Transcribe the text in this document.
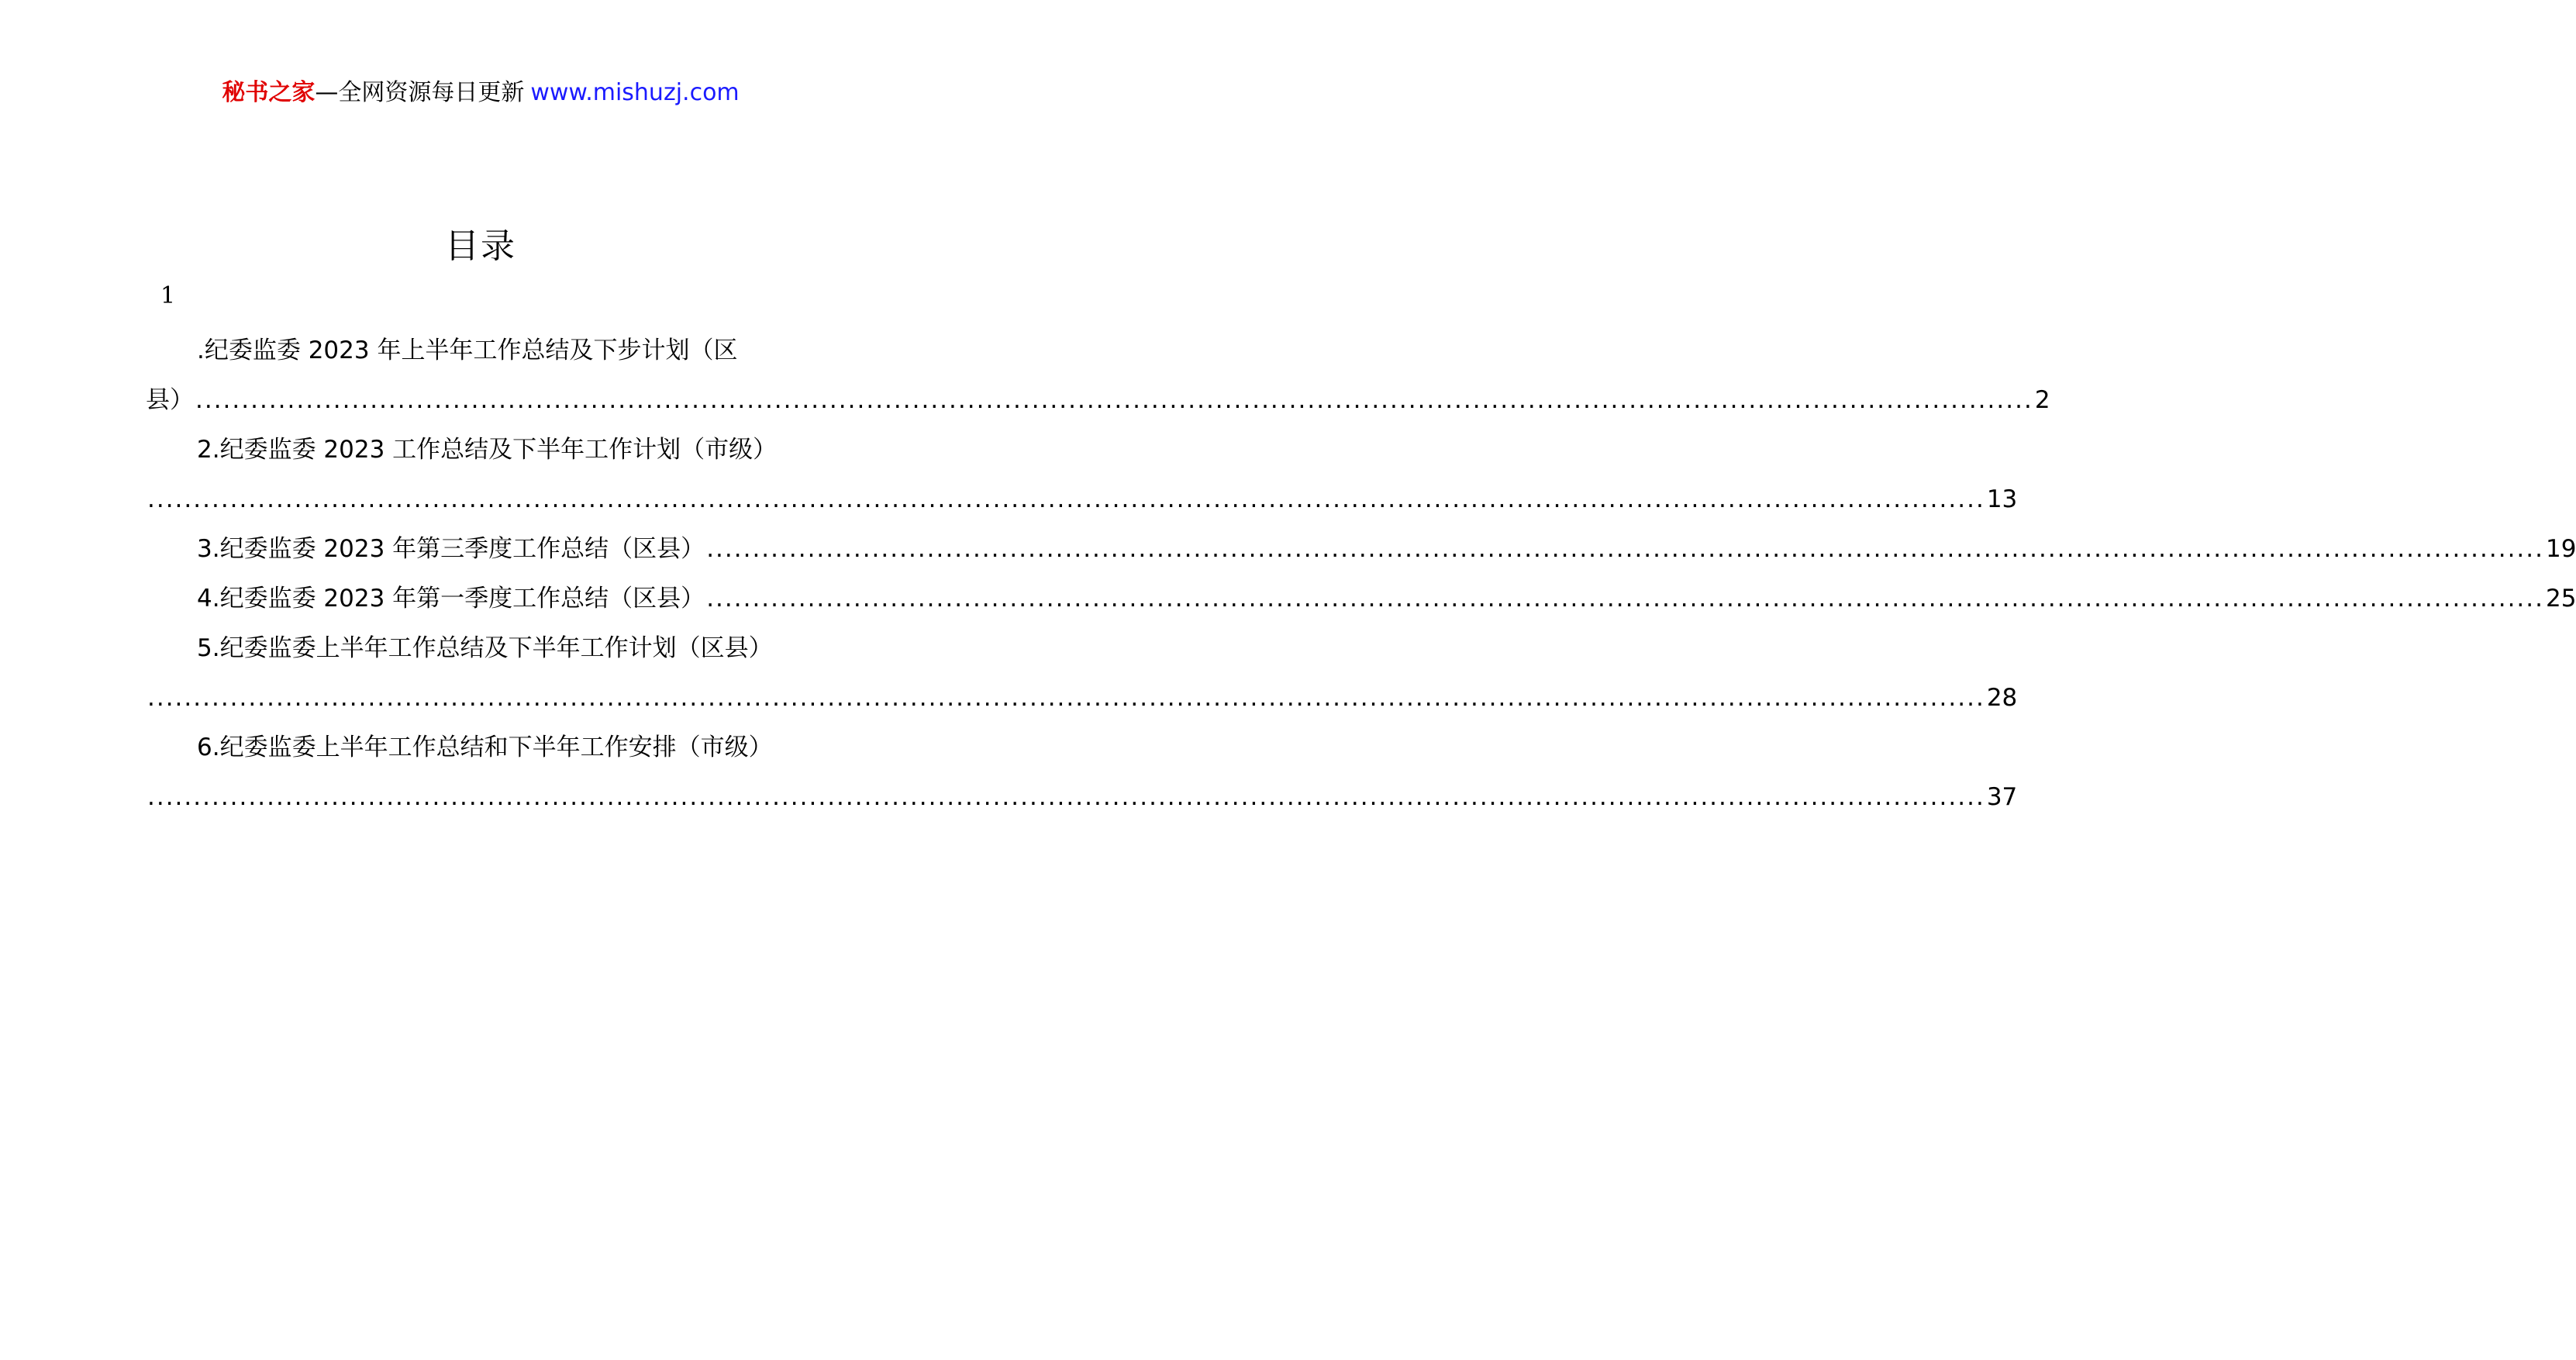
秘书之家—全网资源每日更新 www.mishuzj.com
目录
1
.纪委监委 2023 年上半年工作总结及下步计划（区
县） ........................................................................................................................................................................................................ 2
2.纪委监委 2023 工作总结及下半年工作计划（市级）
........................................................................................................................................................................................................ 13
3.纪委监委 2023 年第三季度工作总结（区县） ........................................................................................................................................................................................................ 19
4.纪委监委 2023 年第一季度工作总结（区县） ........................................................................................................................................................................................................ 25
5.纪委监委上半年工作总结及下半年工作计划（区县）
........................................................................................................................................................................................................ 28
6.纪委监委上半年工作总结和下半年工作安排（市级）
........................................................................................................................................................................................................ 37
